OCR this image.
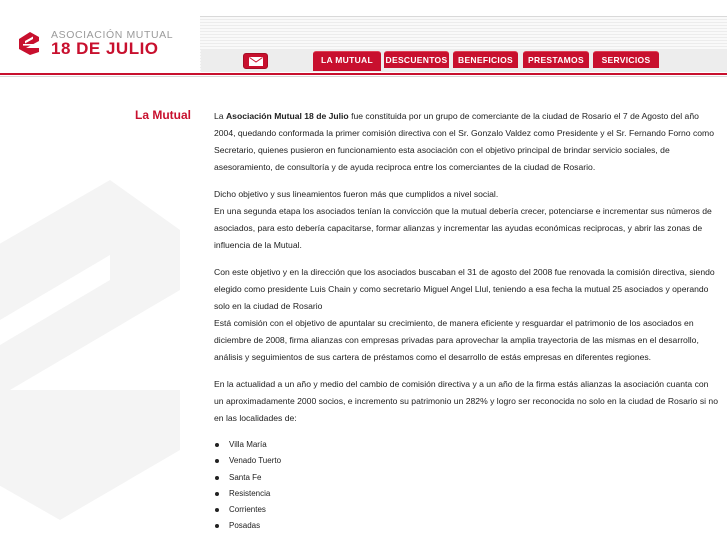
ASOCIACIÓN MUTUAL
18 DE JULIO
LA MUTUAL	DESCUENTOS	BENEFICIOS	PRESTAMOS	SERVICIOS
La Mutual	La Asociación Mutual 18 de Julio fue constituida por un grupo de comerciante de la ciudad de Rosario el 7 de Agosto del año 2004, quedando conformada la primer comisión directiva con el Sr. Gonzalo Valdez como Presidente y el Sr. Fernando Forno como Secretario, quienes pusieron en funcionamiento esta asociación con el objetivo principal de brindar servicio sociales, de asesoramiento, de consultoría y de ayuda reciproca entre los comerciantes de la ciudad de Rosario.

Dicho objetivo y sus lineamientos fueron más que cumplidos a nivel social.

En una segunda etapa los asociados tenían la convicción que la mutual debería crecer, potenciarse e incrementar sus números de asociados, para esto debería capacitarse, formar alianzas y incrementar las ayudas económicas reciprocas, y abrir las zonas de influencia de la Mutual.

Con este objetivo y en la dirección que los asociados buscaban el 31 de agosto del 2008 fue renovada la comisión directiva, siendo elegido como presidente Luis Chain y como secretario Miguel Angel Llul, teniendo a esa fecha la mutual 25 asociados y operando solo en la ciudad de Rosario

Está comisión con el objetivo de apuntalar su crecimiento, de manera eficiente y resguardar el patrimonio de los asociados en diciembre de 2008, firma alianzas con empresas privadas para aprovechar la amplia trayectoria de las mismas en el desarrollo, análisis y seguimientos de sus cartera de préstamos como el desarrollo de estás empresas en diferentes regiones.

En la actualidad a un año y medio del cambio de comisión directiva y a un año de la firma estás alianzas la asociación cuanta con un aproximadamente 2000 socios, e incremento su patrimonio un 282% y logro ser reconocida no solo en la ciudad de Rosario si no en las localidades de:

Villa María
Venado Tuerto
Santa Fe
Resistencia
Corrientes
Posadas
